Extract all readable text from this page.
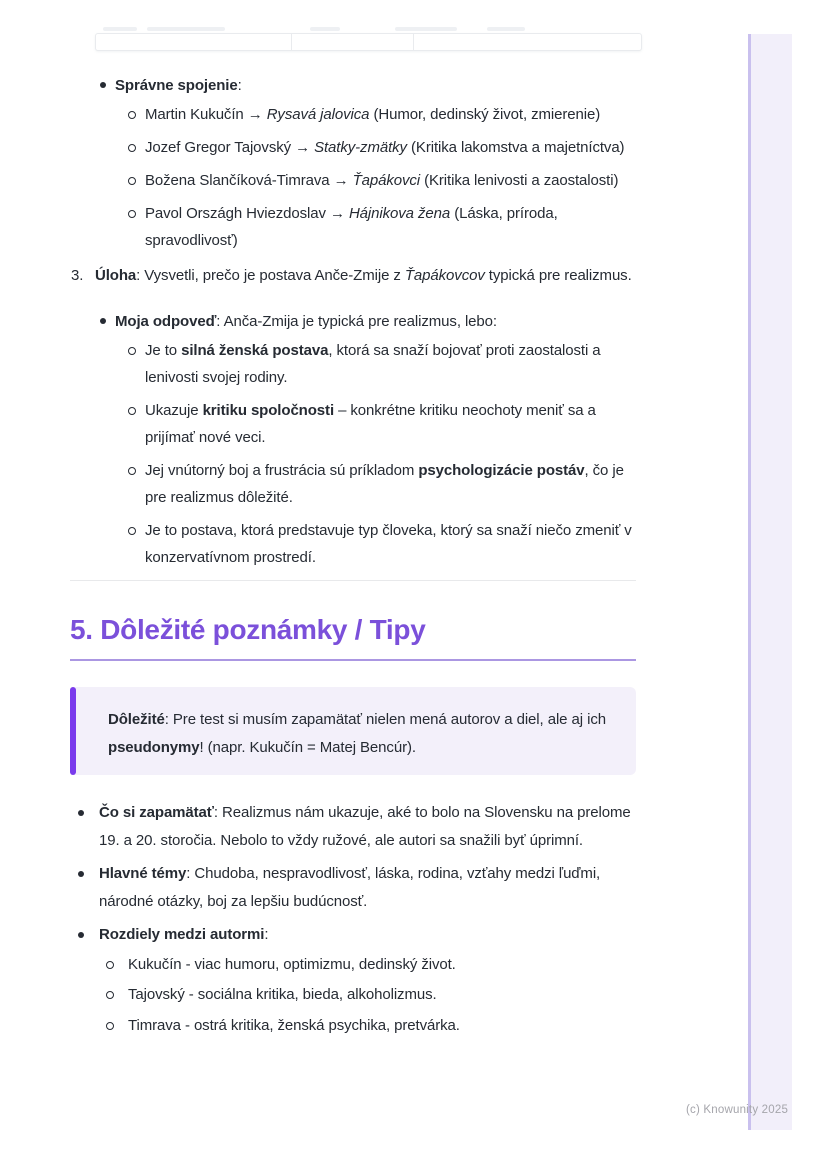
Správne spojenie:
Martin Kukučín → Rysavá jalovica (Humor, dedinský život, zmierenie)
Jozef Gregor Tajovský → Statky-zmätky (Kritika lakomstva a majetníctva)
Božena Slančíková-Timrava → Ťapákovci (Kritika lenivosti a zaostalosti)
Pavol Országh Hviezdoslav → Hájnikova žena (Láska, príroda, spravodlivosť)
3. Úloha: Vysvetli, prečo je postava Anče-Zmije z Ťapákovcov typická pre realizmus.
Moja odpoveď: Anča-Zmija je typická pre realizmus, lebo:
Je to silná ženská postava, ktorá sa snaží bojovať proti zaostalosti a lenivosti svojej rodiny.
Ukazuje kritiku spoločnosti – konkrétne kritiku neochoty meniť sa a prijímať nové veci.
Jej vnútorný boj a frustrácia sú príkladom psychologizácie postáv, čo je pre realizmus dôležité.
Je to postava, ktorá predstavuje typ človeka, ktorý sa snaží niečo zmeniť v konzervatívnom prostredí.
5. Dôležité poznámky / Tipy

Dôležité: Pre test si musím zapamätať nielen mená autorov a diel, ale aj ich pseudonymy! (napr. Kukučín = Matej Bencúr).

Čo si zapamätať: Realizmus nám ukazuje, aké to bolo na Slovensku na prelome 19. a 20. storočia. Nebolo to vždy ružové, ale autori sa snažili byť úprimní.
Hlavné témy: Chudoba, nespravodlivosť, láska, rodina, vzťahy medzi ľuďmi, národné otázky, boj za lepšiu budúcnosť.
Rozdiely medzi autormi:
Kukučín - viac humoru, optimizmu, dedinský život.
Tajovský - sociálna kritika, bieda, alkoholizmus.
Timrava - ostrá kritika, ženská psychika, pretvárka.
(c) Knowunity 2025
